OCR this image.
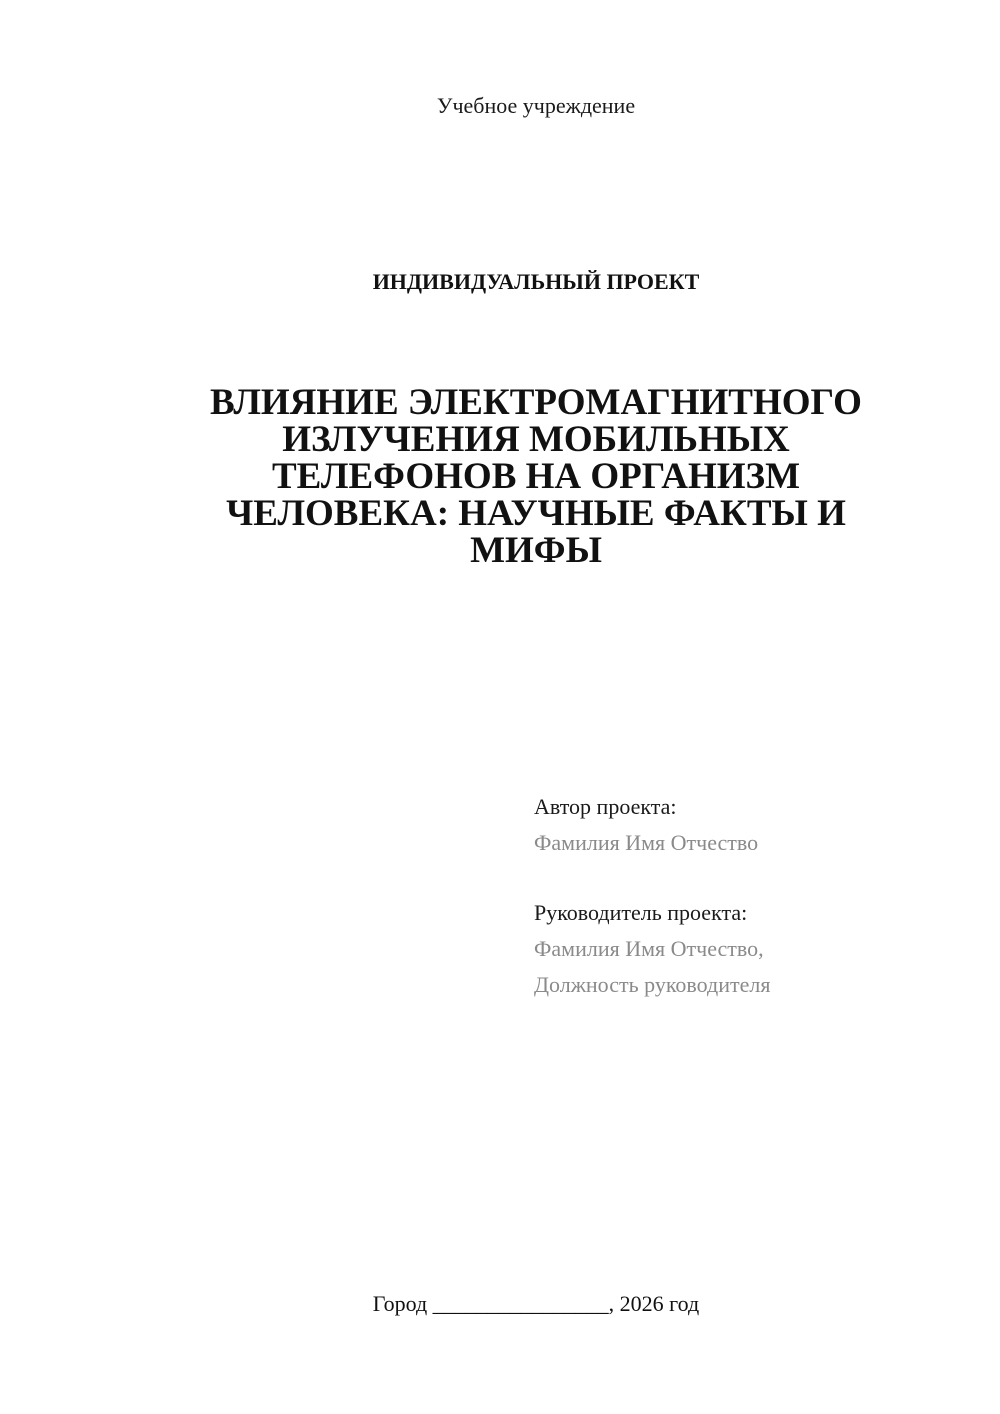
Учебное учреждение
ИНДИВИДУАЛЬНЫЙ ПРОЕКТ
ВЛИЯНИЕ ЭЛЕКТРОМАГНИТНОГО
ИЗЛУЧЕНИЯ МОБИЛЬНЫХ
ТЕЛЕФОНОВ НА ОРГАНИЗМ
ЧЕЛОВЕКА: НАУЧНЫЕ ФАКТЫ И
МИФЫ
Автор проекта:
Фамилия Имя Отчество
Руководитель проекта:
Фамилия Имя Отчество,
Должность руководителя
Город ________________, 2026 год
